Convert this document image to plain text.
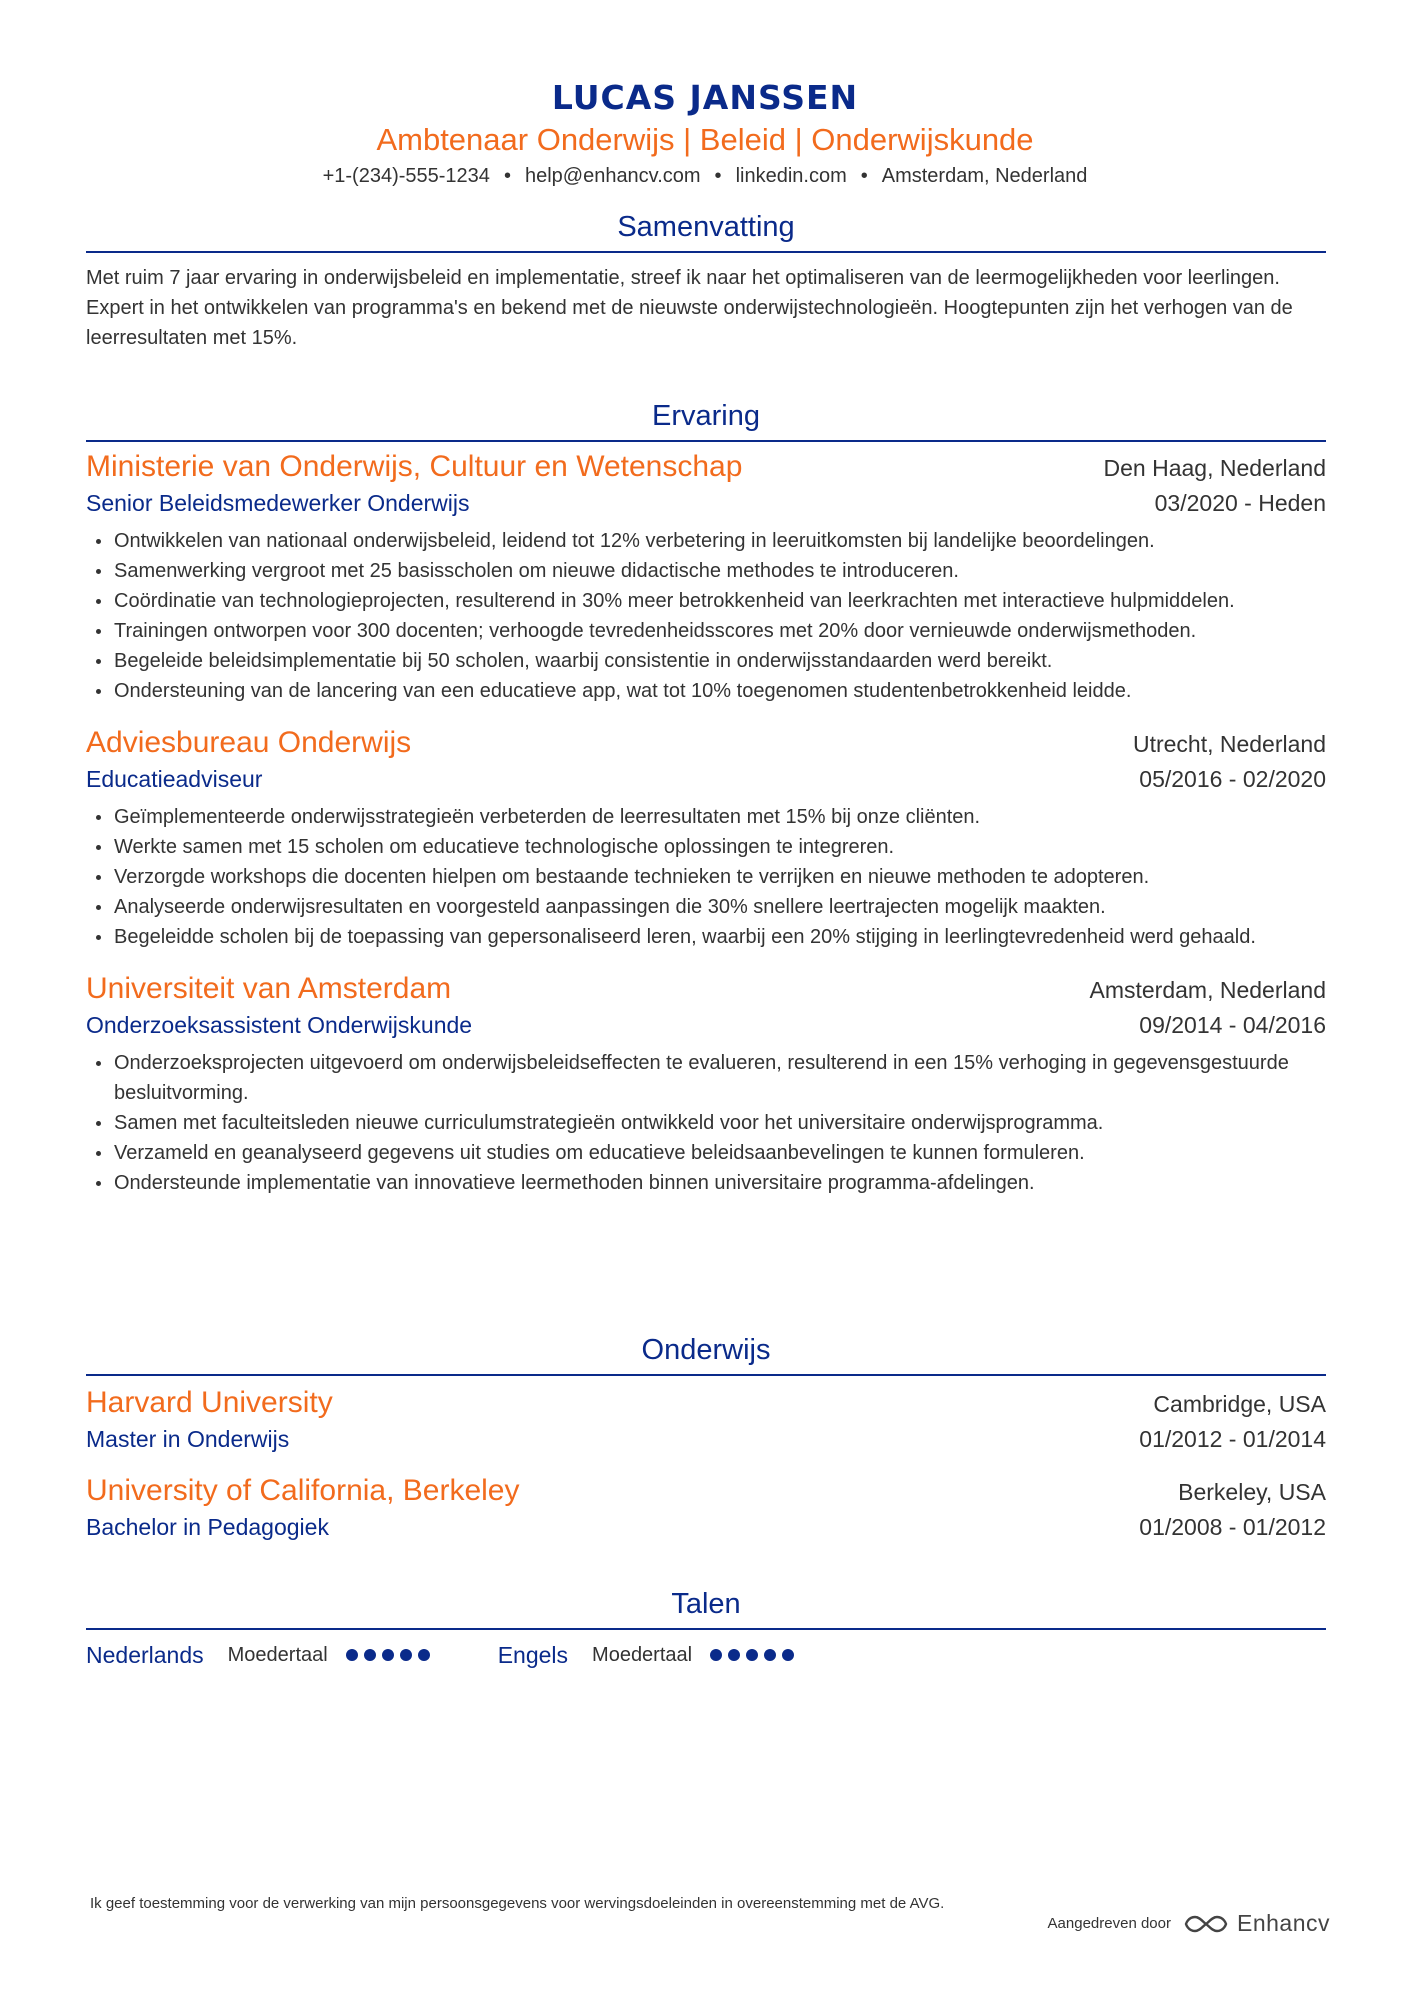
LUCAS JANSSEN
Ambtenaar Onderwijs | Beleid | Onderwijskunde
+1-(234)-555-1234 • help@enhancv.com • linkedin.com • Amsterdam, Nederland
Samenvatting
Met ruim 7 jaar ervaring in onderwijsbeleid en implementatie, streef ik naar het optimaliseren van de leermogelijkheden voor leerlingen. Expert in het ontwikkelen van programma's en bekend met de nieuwste onderwijstechnologieën. Hoogtepunten zijn het verhogen van de leerresultaten met 15%.
Ervaring
Ministerie van Onderwijs, Cultuur en Wetenschap	Den Haag, Nederland
Senior Beleidsmedewerker Onderwijs	03/2020 - Heden
Ontwikkelen van nationaal onderwijsbeleid, leidend tot 12% verbetering in leeruitkomsten bij landelijke beoordelingen.
Samenwerking vergroot met 25 basisscholen om nieuwe didactische methodes te introduceren.
Coördinatie van technologieprojecten, resulterend in 30% meer betrokkenheid van leerkrachten met interactieve hulpmiddelen.
Trainingen ontworpen voor 300 docenten; verhoogde tevredenheidsscores met 20% door vernieuwde onderwijsmethoden.
Begeleide beleidsimplementatie bij 50 scholen, waarbij consistentie in onderwijsstandaarden werd bereikt.
Ondersteuning van de lancering van een educatieve app, wat tot 10% toegenomen studentenbetrokkenheid leidde.
Adviesbureau Onderwijs	Utrecht, Nederland
Educatieadviseur	05/2016 - 02/2020
Geïmplementeerde onderwijsstrategieën verbeterden de leerresultaten met 15% bij onze cliënten.
Werkte samen met 15 scholen om educatieve technologische oplossingen te integreren.
Verzorgde workshops die docenten hielpen om bestaande technieken te verrijken en nieuwe methoden te adopteren.
Analyseerde onderwijsresultaten en voorgesteld aanpassingen die 30% snellere leertrajecten mogelijk maakten.
Begeleidde scholen bij de toepassing van gepersonaliseerd leren, waarbij een 20% stijging in leerlingtevredenheid werd gehaald.
Universiteit van Amsterdam	Amsterdam, Nederland
Onderzoeksassistent Onderwijskunde	09/2014 - 04/2016
Onderzoeksprojecten uitgevoerd om onderwijsbeleidseffecten te evalueren, resulterend in een 15% verhoging in gegevensgestuurde besluitvorming.
Samen met faculteitsleden nieuwe curriculumstrategieën ontwikkeld voor het universitaire onderwijsprogramma.
Verzameld en geanalyseerd gegevens uit studies om educatieve beleidsaanbevelingen te kunnen formuleren.
Ondersteunde implementatie van innovatieve leermethoden binnen universitaire programma-afdelingen.
Onderwijs
Harvard University	Cambridge, USA
Master in Onderwijs	01/2012 - 01/2014
University of California, Berkeley	Berkeley, USA
Bachelor in Pedagogiek	01/2008 - 01/2012
Talen
Nederlands Moedertaal	Engels Moedertaal
Ik geef toestemming voor de verwerking van mijn persoonsgegevens voor wervingsdoeleinden in overeenstemming met de AVG.
Aangedreven door	Enhancv
